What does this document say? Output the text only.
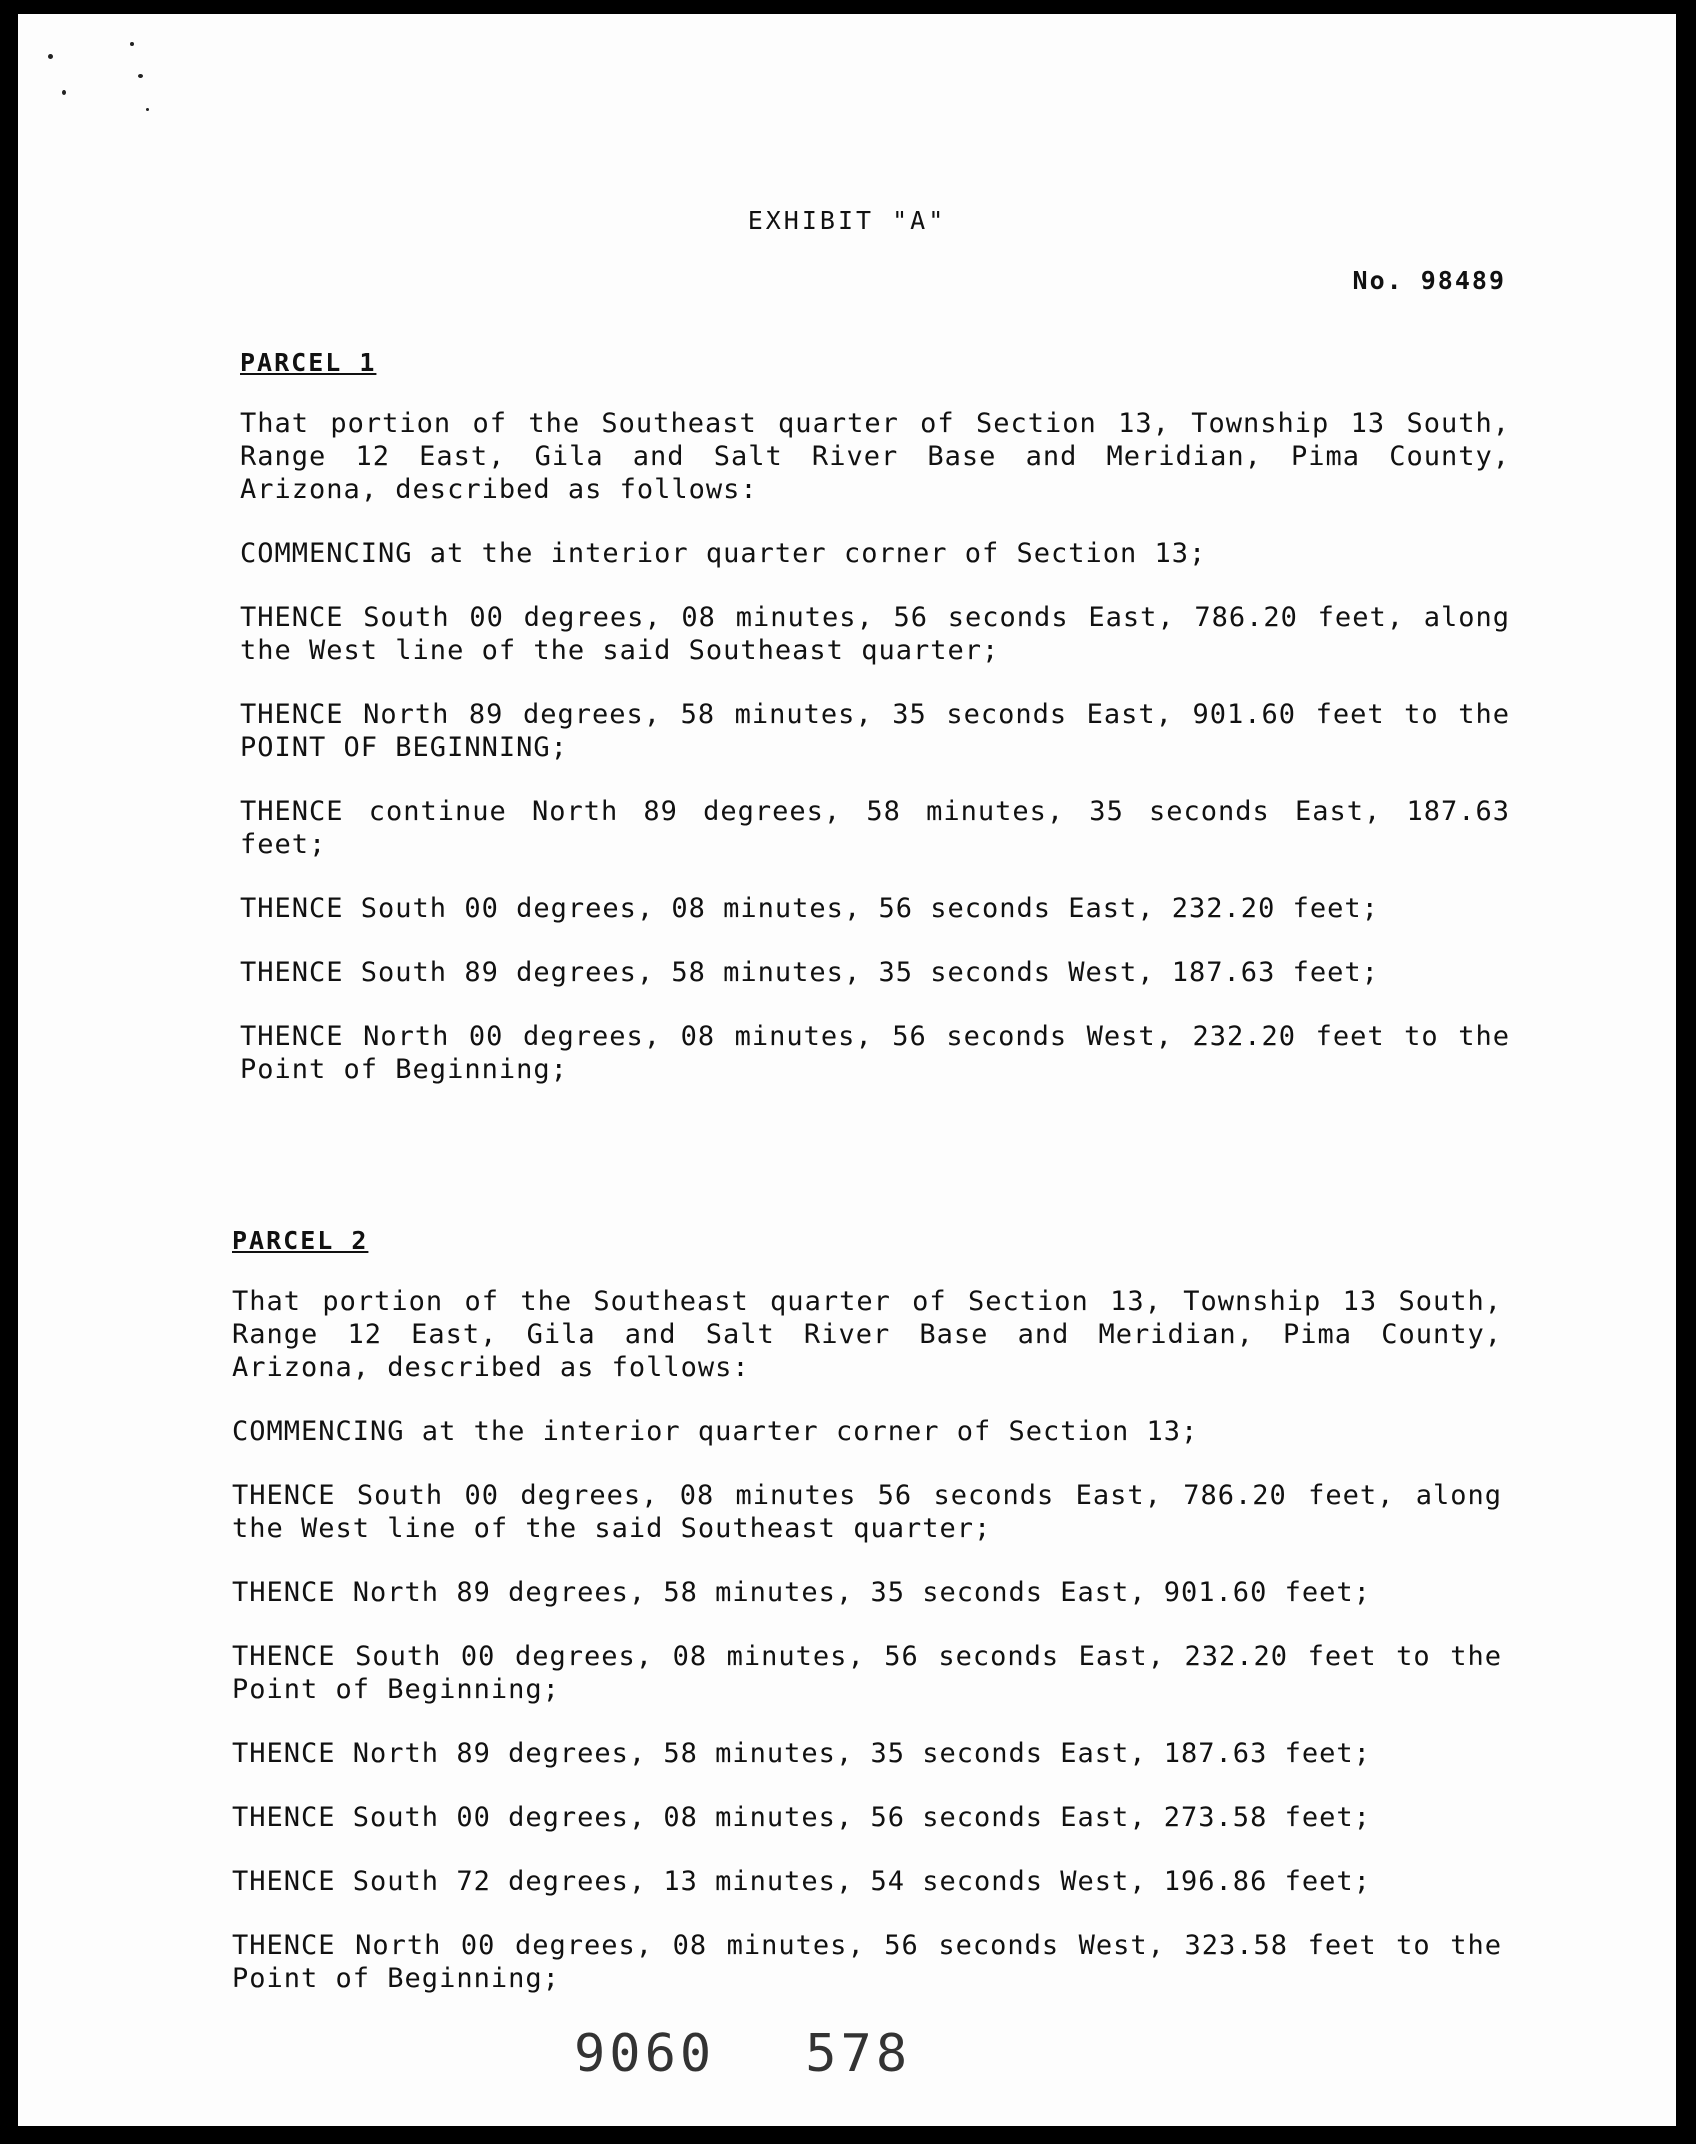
EXHIBIT "A"
No. 98489
PARCEL 1

That portion of the Southeast quarter of Section 13, Township 13 South, Range 12 East, Gila and Salt River Base and Meridian, Pima County, Arizona, described as follows:

COMMENCING at the interior quarter corner of Section 13;

THENCE South 00 degrees, 08 minutes, 56 seconds East, 786.20 feet, along the West line of the said Southeast quarter;

THENCE North 89 degrees, 58 minutes, 35 seconds East, 901.60 feet to the POINT OF BEGINNING;

THENCE continue North 89 degrees, 58 minutes, 35 seconds East, 187.63 feet;

THENCE South 00 degrees, 08 minutes, 56 seconds East, 232.20 feet;

THENCE South 89 degrees, 58 minutes, 35 seconds West, 187.63 feet;

THENCE North 00 degrees, 08 minutes, 56 seconds West, 232.20 feet to the Point of Beginning;

PARCEL 2

That portion of the Southeast quarter of Section 13, Township 13 South, Range 12 East, Gila and Salt River Base and Meridian, Pima County, Arizona, described as follows:

COMMENCING at the interior quarter corner of Section 13;

THENCE South 00 degrees, 08 minutes 56 seconds East, 786.20 feet, along the West line of the said Southeast quarter;

THENCE North 89 degrees, 58 minutes, 35 seconds East, 901.60 feet;

THENCE South 00 degrees, 08 minutes, 56 seconds East, 232.20 feet to the Point of Beginning;

THENCE North 89 degrees, 58 minutes, 35 seconds East, 187.63 feet;

THENCE South 00 degrees, 08 minutes, 56 seconds East, 273.58 feet;

THENCE South 72 degrees, 13 minutes, 54 seconds West, 196.86 feet;

THENCE North 00 degrees, 08 minutes, 56 seconds West, 323.58 feet to the Point of Beginning;

9060 578
